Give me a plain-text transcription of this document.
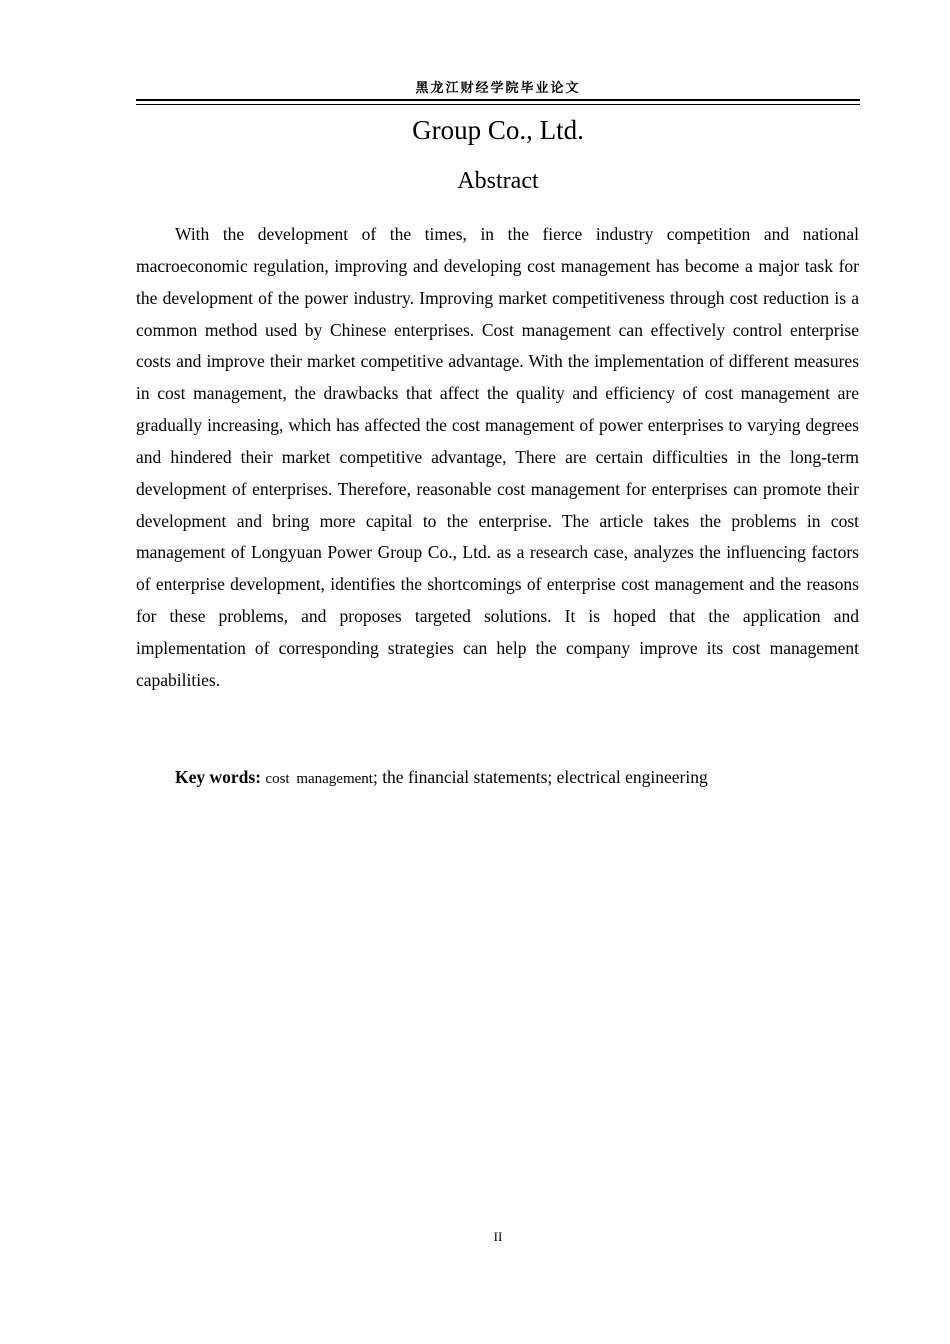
黑龙江财经学院毕业论文
Group Co., Ltd.
Abstract

With the development of the times, in the fierce industry competition and national macroeconomic regulation, improving and developing cost management has become a major task for the development of the power industry. Improving market competitiveness through cost reduction is a common method used by Chinese enterprises. Cost management can effectively control enterprise costs and improve their market competitive advantage. With the implementation of different measures in cost management, the drawbacks that affect the quality and efficiency of cost management are gradually increasing, which has affected the cost management of power enterprises to varying degrees and hindered their market competitive advantage, There are certain difficulties in the long-term development of enterprises. Therefore, reasonable cost management for enterprises can promote their development and bring more capital to the enterprise. The article takes the problems in cost management of Longyuan Power Group Co., Ltd. as a research case, analyzes the influencing factors of enterprise development, identifies the shortcomings of enterprise cost management and the reasons for these problems, and proposes targeted solutions. It is hoped that the application and implementation of corresponding strategies can help the company improve its cost management capabilities.

Key words: cost management; the financial statements; electrical engineering

II
